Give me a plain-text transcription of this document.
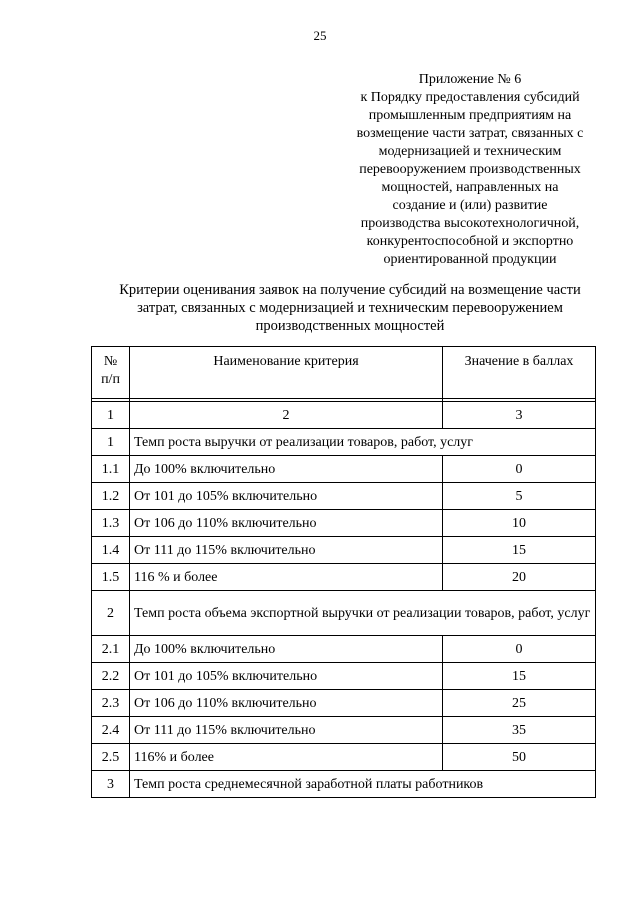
25
Приложение № 6
к Порядку предоставления субсидий
промышленным предприятиям на
возмещение части затрат, связанных с
модернизацией и техническим
перевооружением производственных
мощностей, направленных на
создание и (или) развитие
производства высокотехнологичной,
конкурентоспособной и экспортно
ориентированной продукции
Критерии оценивания заявок на получение субсидий на возмещение части
затрат, связанных с модернизацией и техническим перевооружением
производственных мощностей
№
п/п	Наименование критерия	Значение в баллах

1	2	3
1	Темп роста выручки от реализации товаров, работ, услуг	
1.1	До 100% включительно	0
1.2	От 101 до 105% включительно	5
1.3	От 106 до 110% включительно	10
1.4	От 111 до 115% включительно	15
1.5	116 % и более	20
2	Темп роста объема экспортной выручки от реализации товаров, работ, услуг	
2.1	До 100% включительно	0
2.2	От 101 до 105% включительно	15
2.3	От 106 до 110% включительно	25
2.4	От 111 до 115% включительно	35
2.5	116% и более	50
3	Темп роста среднемесячной заработной платы работников	
